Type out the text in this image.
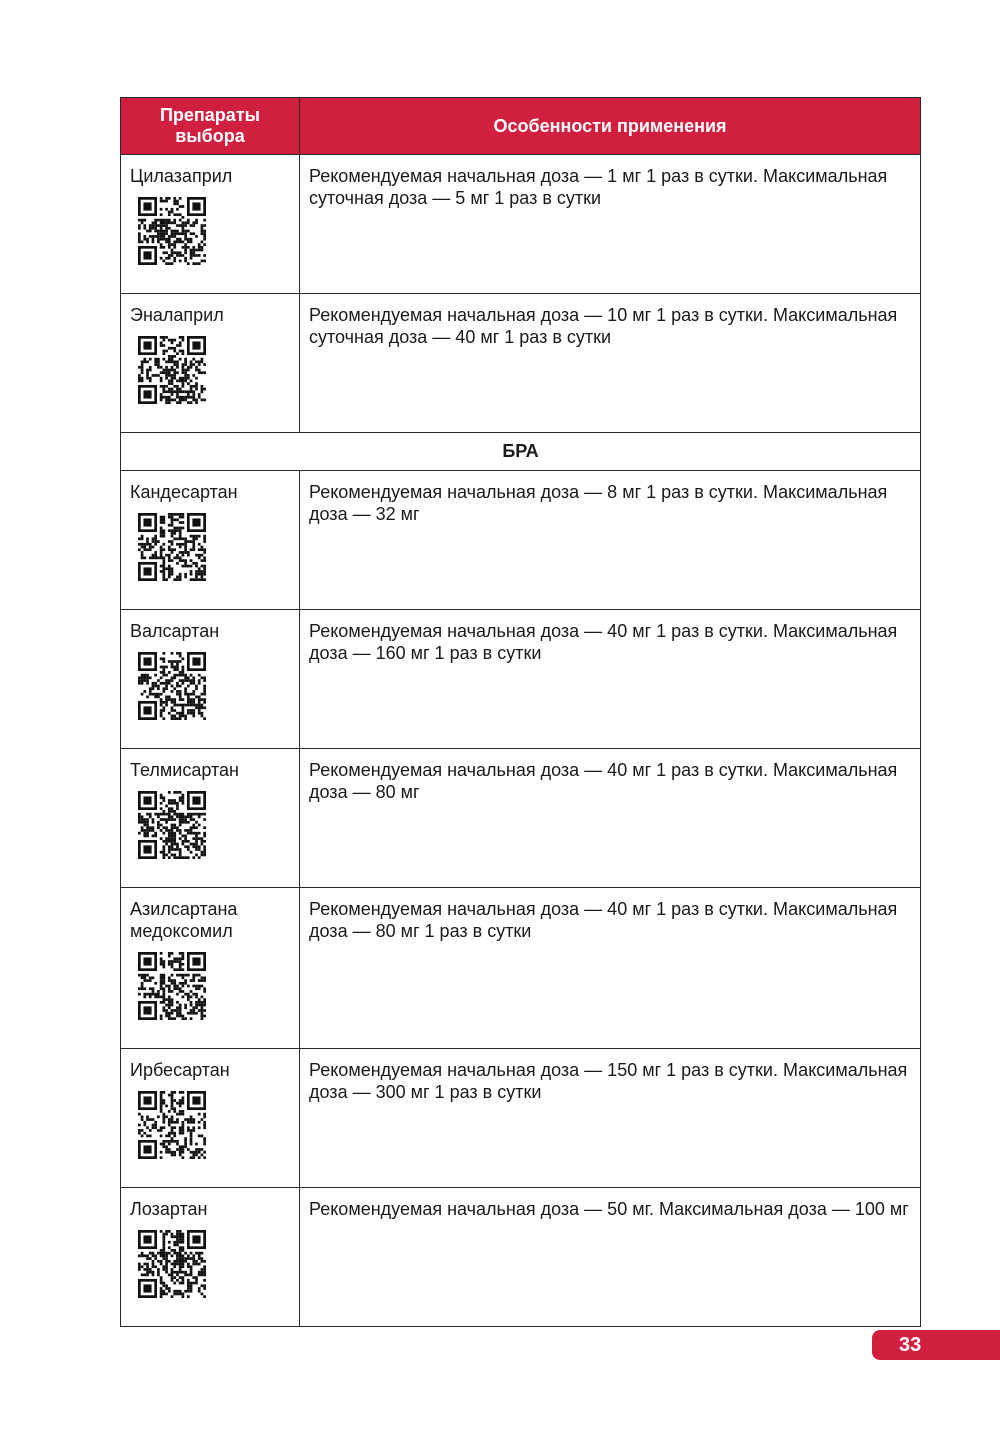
Препараты
выбора	Особенности применения

Цилазаприл	Рекомендуемая начальная доза — 1 мг 1 раз в сутки. Максимальная суточная доза — 5 мг 1 раз в сутки

Эналаприл	Рекомендуемая начальная доза — 10 мг 1 раз в сутки. Максимальная суточная доза — 40 мг 1 раз в сутки
БРА	

Кандесартан	Рекомендуемая начальная доза — 8 мг 1 раз в сутки. Максимальная доза — 32 мг

Валсартан	Рекомендуемая начальная доза — 40 мг 1 раз в сутки. Максимальная доза — 160 мг 1 раз в сутки

Телмисартан	Рекомендуемая начальная доза — 40 мг 1 раз в сутки. Максимальная доза — 80 мг

Азилсартана
медоксомил	Рекомендуемая начальная доза — 40 мг 1 раз в сутки. Максимальная доза — 80 мг 1 раз в сутки

Ирбесартан	Рекомендуемая начальная доза — 150 мг 1 раз в сутки. Максимальная доза — 300 мг 1 раз в сутки

Лозартан	Рекомендуемая начальная доза — 50 мг. Максимальная доза — 100 мг
33
